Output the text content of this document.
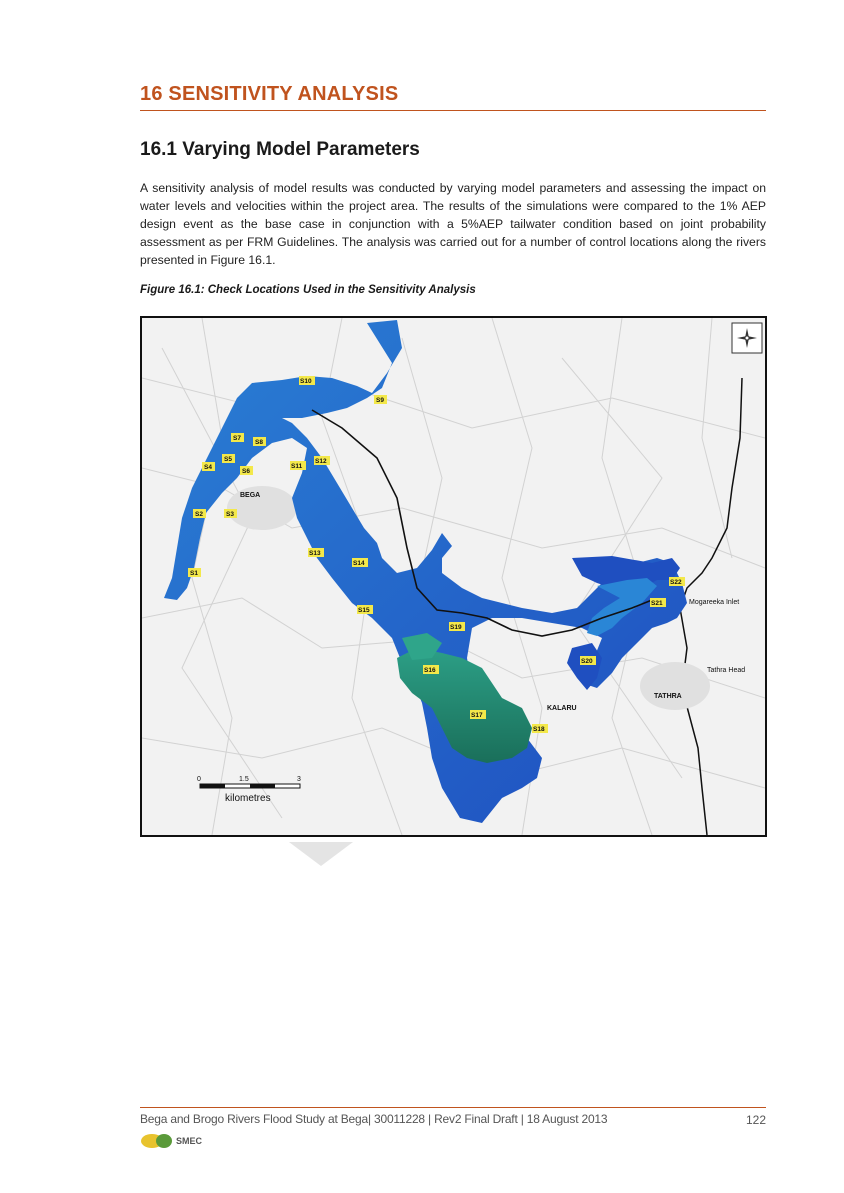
16 SENSITIVITY ANALYSIS
16.1 Varying Model Parameters

A sensitivity analysis of model results was conducted by varying model parameters and assessing the impact on water levels and velocities within the project area. The results of the simulations were compared to the 1% AEP design event as the base case in conjunction with a 5%AEP tailwater condition based on joint probability assessment as per FRM Guidelines. The analysis was carried out for a number of control locations along the rivers presented in Figure 16.1.

Figure 16.1: Check Locations Used in the Sensitivity Analysis

BEGA
KALARU
TATHRA
Mogareeka Inlet
Tathra Head
S1
S2	S3
S4
S5
S6
S7
S8
S9
S10
S11
S12
S13
S14
S15
S16
S17
S18
S19
S20
S21
S22
0	1.5	3
kilometres
Bega and Brogo Rivers Flood Study at Bega| 30011228 | Rev2 Final Draft | 18 August 2013	122
SMEC
